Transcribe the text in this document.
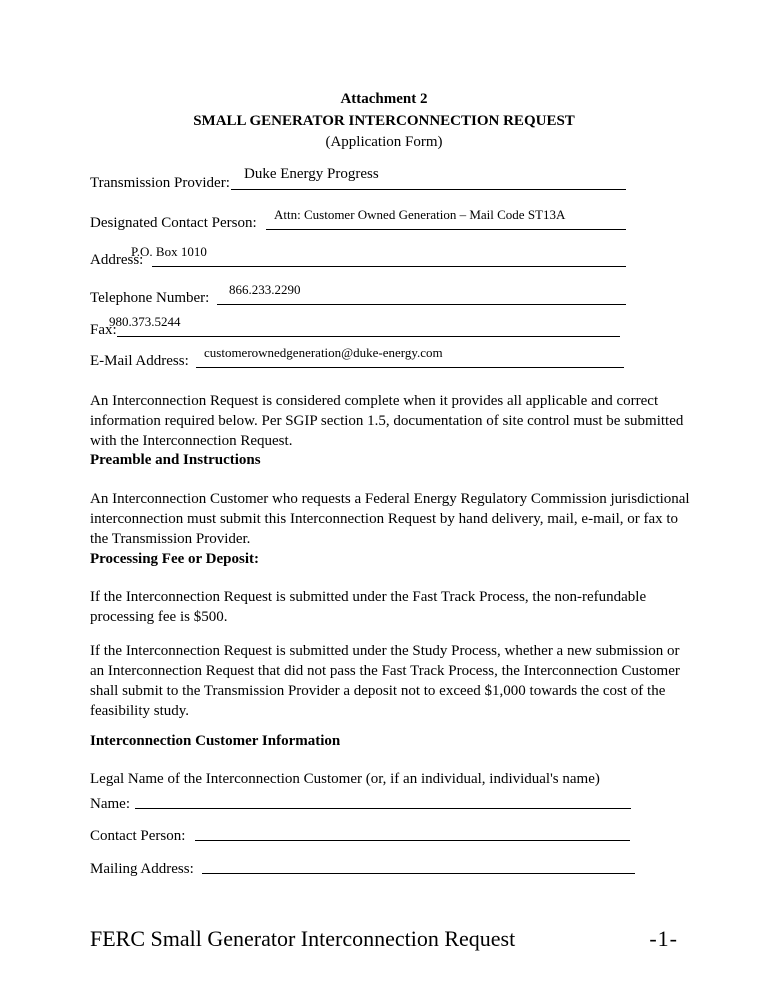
Attachment 2
SMALL GENERATOR INTERCONNECTION REQUEST
(Application Form)
Transmission Provider:
Duke Energy Progress
Designated Contact Person:
Attn: Customer Owned Generation – Mail Code ST13A
Address:
P.O. Box 1010
Telephone Number:
866.233.2290
Fax:
980.373.5244
E-Mail Address:
customerownedgeneration@duke-energy.com
An Interconnection Request is considered complete when it provides all applicable and correct information required below. Per SGIP section 1.5, documentation of site control must be submitted with the Interconnection Request.
Preamble and Instructions
An Interconnection Customer who requests a Federal Energy Regulatory Commission jurisdictional interconnection must submit this Interconnection Request by hand delivery, mail, e-mail, or fax to the Transmission Provider.
Processing Fee or Deposit:
If the Interconnection Request is submitted under the Fast Track Process, the non-refundable processing fee is $500.
If the Interconnection Request is submitted under the Study Process, whether a new submission or an Interconnection Request that did not pass the Fast Track Process, the Interconnection Customer shall submit to the Transmission Provider a deposit not to exceed $1,000 towards the cost of the feasibility study.
Interconnection Customer Information
Legal Name of the Interconnection Customer (or, if an individual, individual's name)
Name:
Contact Person:
Mailing Address:
FERC Small Generator Interconnection Request	-1-
